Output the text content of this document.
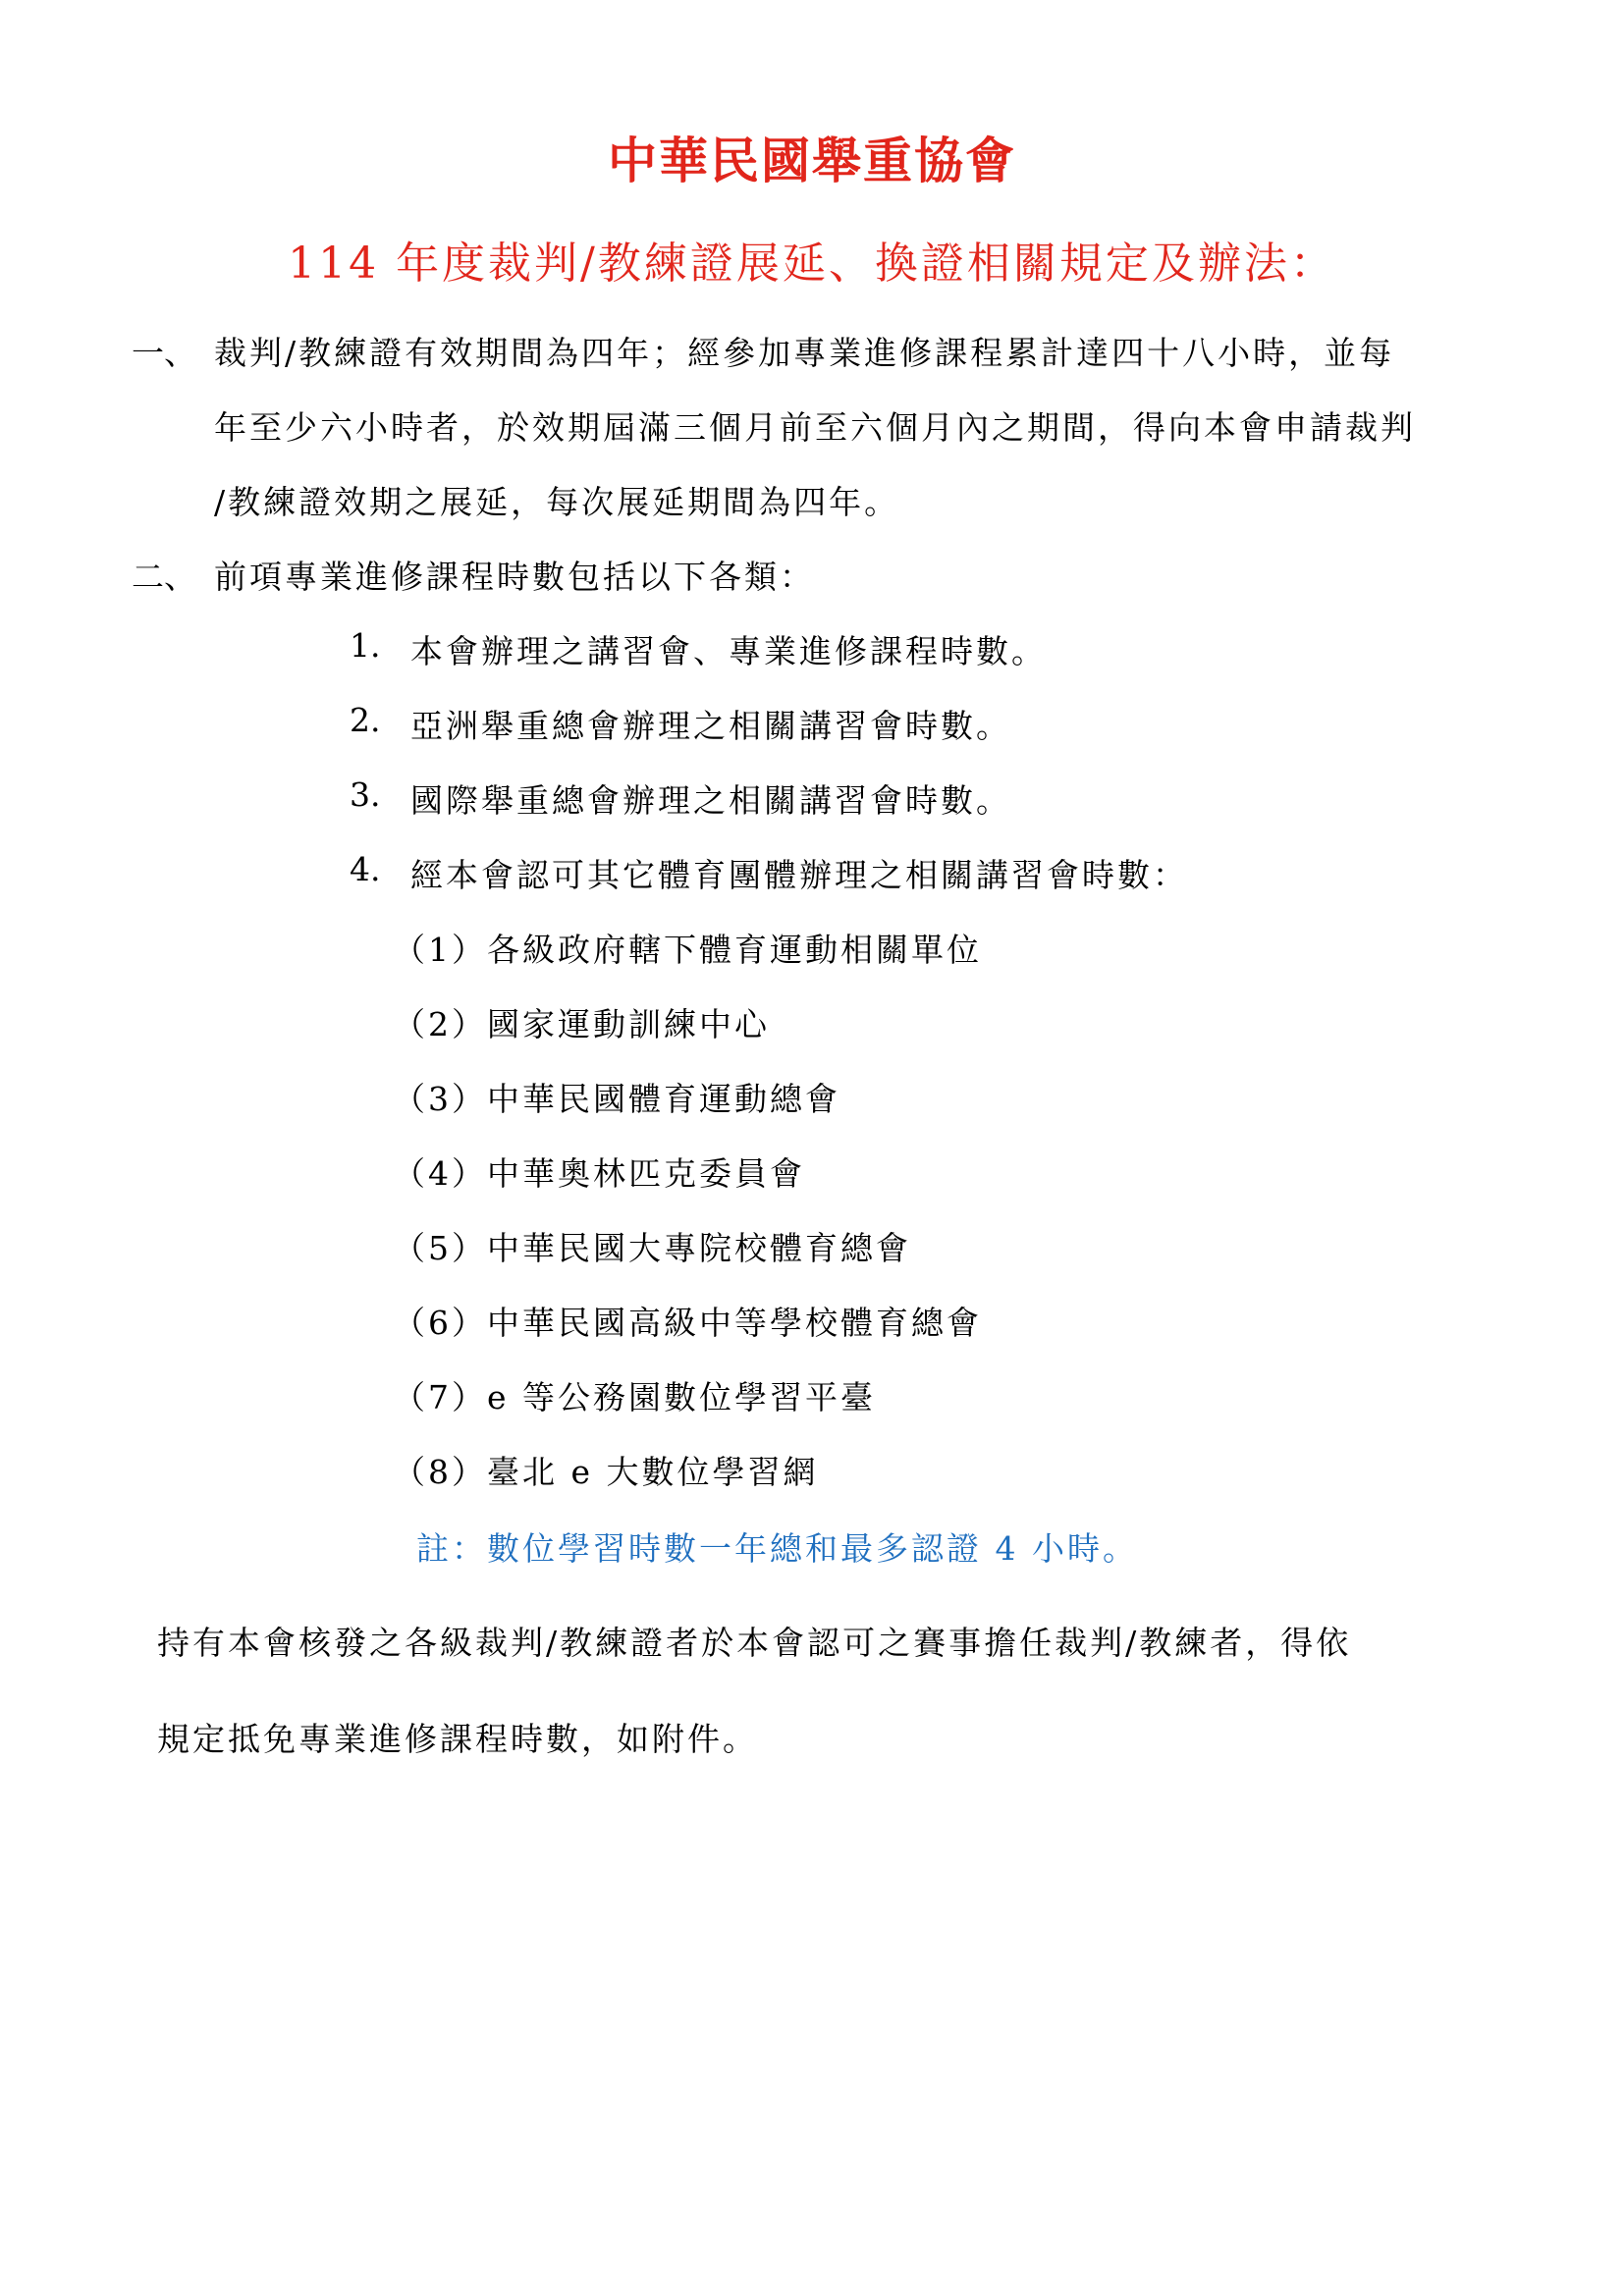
中華民國舉重協會
114 年度裁判/教練證展延、換證相關規定及辦法：
一、 裁判/教練證有效期間為四年；經參加專業進修課程累計達四十八小時，並每
年至少六小時者，於效期屆滿三個月前至六個月內之期間，得向本會申請裁判
/教練證效期之展延，每次展延期間為四年。
二、 前項專業進修課程時數包括以下各類：
1. 本會辦理之講習會、專業進修課程時數。
2. 亞洲舉重總會辦理之相關講習會時數。
3. 國際舉重總會辦理之相關講習會時數。
4. 經本會認可其它體育團體辦理之相關講習會時數：
（1）各級政府轄下體育運動相關單位
（2）國家運動訓練中心
（3）中華民國體育運動總會
（4）中華奧林匹克委員會
（5）中華民國大專院校體育總會
（6）中華民國高級中等學校體育總會
（7）e 等公務園數位學習平臺
（8）臺北 e 大數位學習網
註：數位學習時數一年總和最多認證 4 小時。
持有本會核發之各級裁判/教練證者於本會認可之賽事擔任裁判/教練者，得依
規定抵免專業進修課程時數，如附件。
